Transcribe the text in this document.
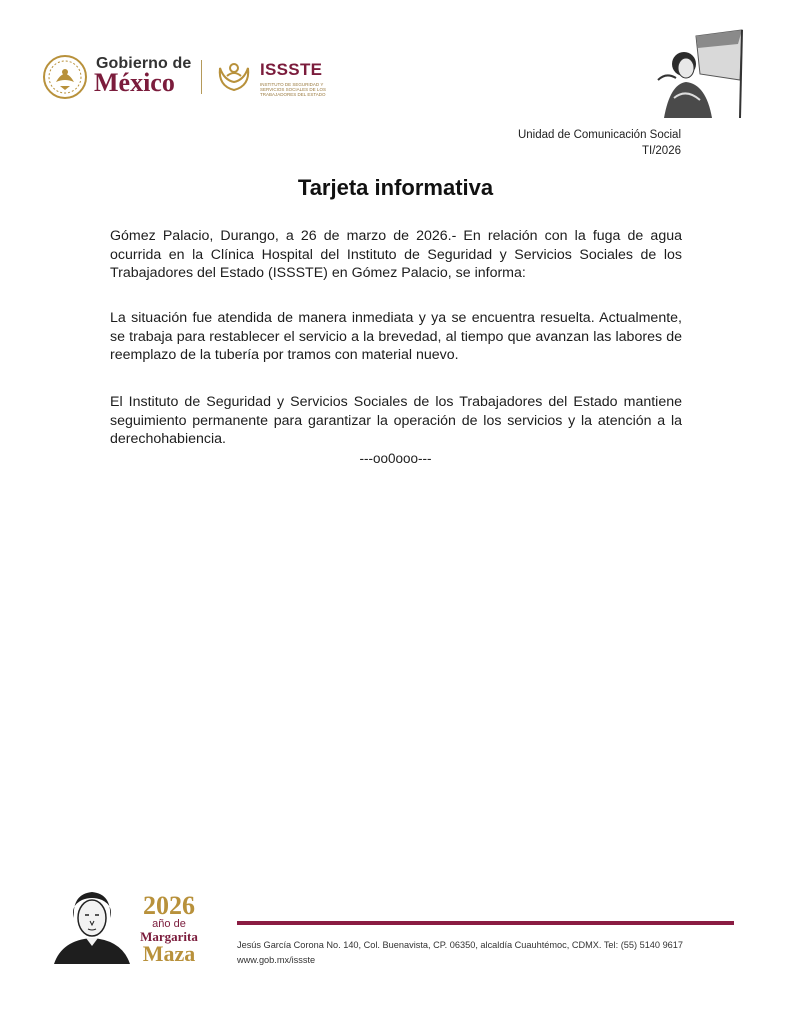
Gobierno de
México	ISSSTE
INSTITUTO DE SEGURIDAD Y SERVICIOS SOCIALES DE LOS TRABAJADORES DEL ESTADO
Unidad de Comunicación Social
TI/2026
Tarjeta informativa
Gómez Palacio, Durango, a 26 de marzo de 2026.- En relación con la fuga de agua ocurrida en la Clínica Hospital del Instituto de Seguridad y Servicios Sociales de los Trabajadores del Estado (ISSSTE) en Gómez Palacio, se informa:
La situación fue atendida de manera inmediata y ya se encuentra resuelta. Actualmente, se trabaja para restablecer el servicio a la brevedad, al tiempo que avanzan las labores de reemplazo de la tubería por tramos con material nuevo.
El Instituto de Seguridad y Servicios Sociales de los Trabajadores del Estado mantiene seguimiento permanente para garantizar la operación de los servicios y la atención a la derechohabiencia.
---oo0ooo---
2026
año de
Margarita
Maza	Jesús García Corona No. 140, Col. Buenavista, CP. 06350, alcaldía Cuauhtémoc, CDMX. Tel: (55) 5140 9617
www.gob.mx/issste
